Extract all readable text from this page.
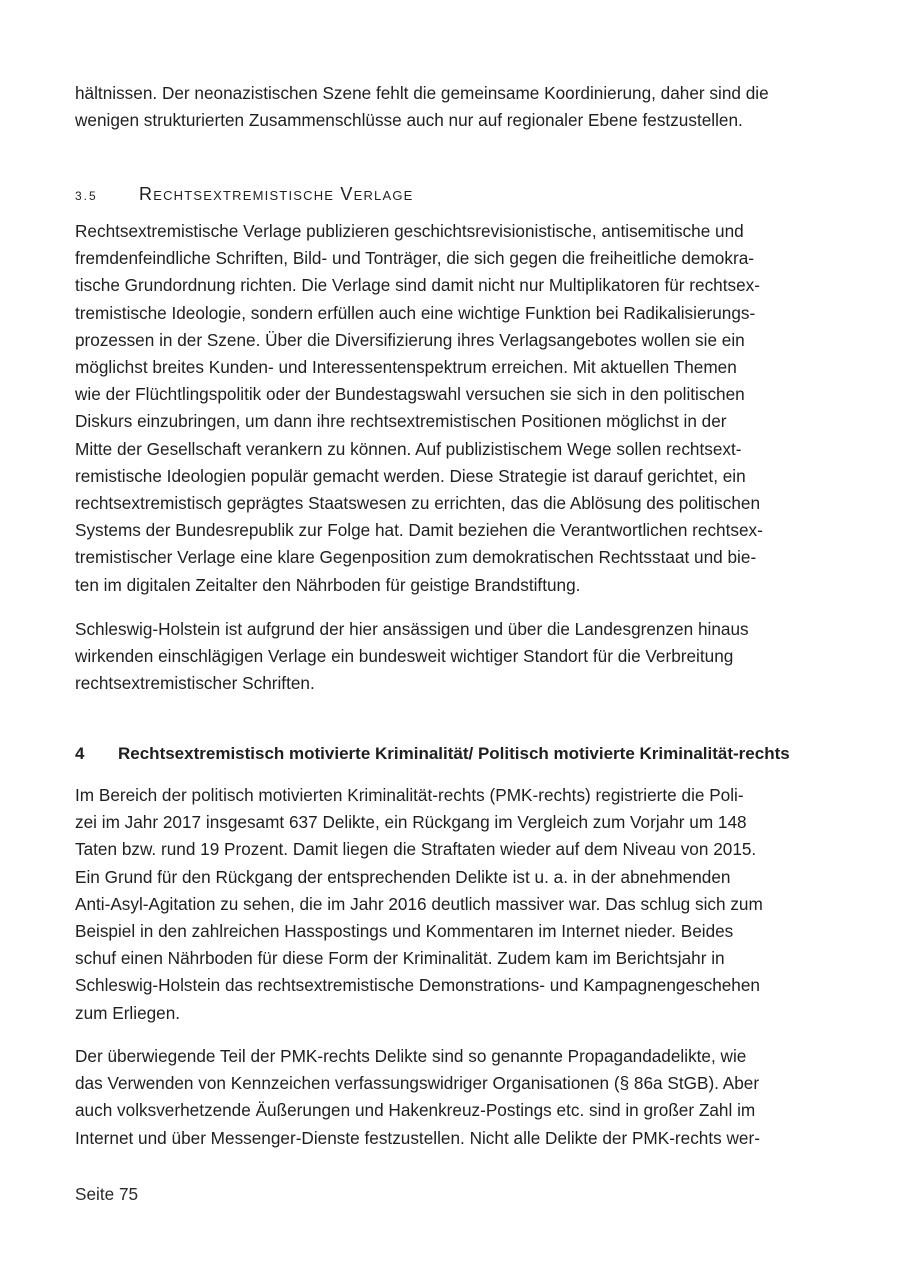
hältnissen. Der neonazistischen Szene fehlt die gemeinsame Koordinierung, daher sind die
wenigen strukturierten Zusammenschlüsse auch nur auf regionaler Ebene festzustellen.

3.5 Rechtsextremistische Verlage

Rechtsextremistische Verlage publizieren geschichtsrevisionistische, antisemitische und
fremdenfeindliche Schriften, Bild- und Tonträger, die sich gegen die freiheitliche demokra-
tische Grundordnung richten. Die Verlage sind damit nicht nur Multiplikatoren für rechtsex-
tremistische Ideologie, sondern erfüllen auch eine wichtige Funktion bei Radikalisierungs-
prozessen in der Szene. Über die Diversifizierung ihres Verlagsangebotes wollen sie ein
möglichst breites Kunden- und Interessentenspektrum erreichen. Mit aktuellen Themen
wie der Flüchtlingspolitik oder der Bundestagswahl versuchen sie sich in den politischen
Diskurs einzubringen, um dann ihre rechtsextremistischen Positionen möglichst in der
Mitte der Gesellschaft verankern zu können. Auf publizistischem Wege sollen rechtsext-
remistische Ideologien populär gemacht werden. Diese Strategie ist darauf gerichtet, ein
rechtsextremistisch geprägtes Staatswesen zu errichten, das die Ablösung des politischen
Systems der Bundesrepublik zur Folge hat. Damit beziehen die Verantwortlichen rechtsex-
tremistischer Verlage eine klare Gegenposition zum demokratischen Rechtsstaat und bie-
ten im digitalen Zeitalter den Nährboden für geistige Brandstiftung.

Schleswig-Holstein ist aufgrund der hier ansässigen und über die Landesgrenzen hinaus
wirkenden einschlägigen Verlage ein bundesweit wichtiger Standort für die Verbreitung
rechtsextremistischer Schriften.

4 Rechtsextremistisch motivierte Kriminalität/ Politisch motivierte Kriminalität-rechts

Im Bereich der politisch motivierten Kriminalität-rechts (PMK-rechts) registrierte die Poli-
zei im Jahr 2017 insgesamt 637 Delikte, ein Rückgang im Vergleich zum Vorjahr um 148
Taten bzw. rund 19 Prozent. Damit liegen die Straftaten wieder auf dem Niveau von 2015.
Ein Grund für den Rückgang der entsprechenden Delikte ist u. a. in der abnehmenden
Anti-Asyl-Agitation zu sehen, die im Jahr 2016 deutlich massiver war. Das schlug sich zum
Beispiel in den zahlreichen Hasspostings und Kommentaren im Internet nieder. Beides
schuf einen Nährboden für diese Form der Kriminalität. Zudem kam im Berichtsjahr in
Schleswig-Holstein das rechtsextremistische Demonstrations- und Kampagnengeschehen
zum Erliegen.

Der überwiegende Teil der PMK-rechts Delikte sind so genannte Propagandadelikte, wie
das Verwenden von Kennzeichen verfassungswidriger Organisationen (§ 86a StGB). Aber
auch volksverhetzende Äußerungen und Hakenkreuz-Postings etc. sind in großer Zahl im
Internet und über Messenger-Dienste festzustellen. Nicht alle Delikte der PMK-rechts wer-

Seite 75
